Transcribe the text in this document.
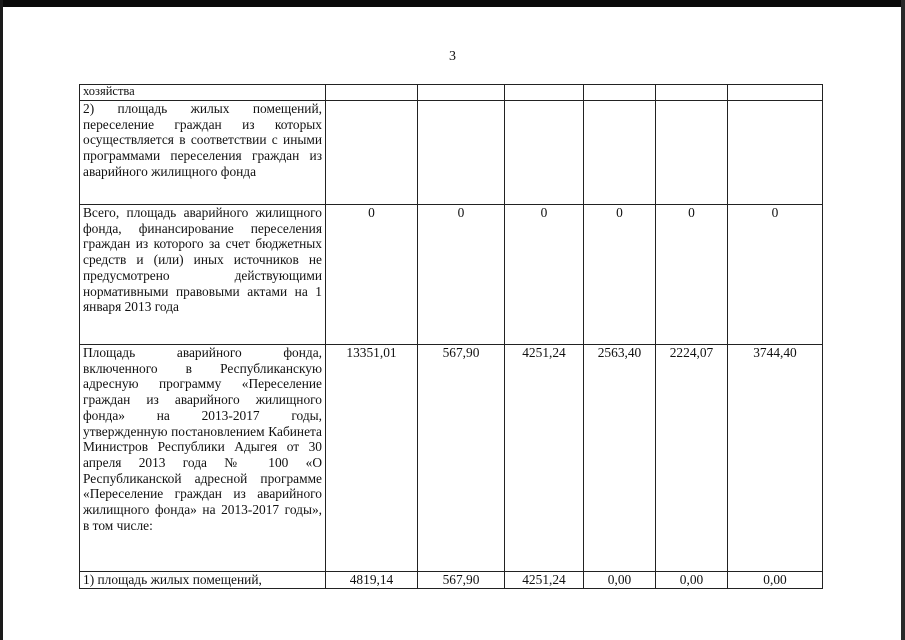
3
хозяйства						
2) площадь жилых помещений, переселение граждан из которых осуществляется в соответствии с иными программами переселения граждан из аварийного жилищного фонда						
Всего, площадь аварийного жилищного фонда, финансирование переселения граждан из которого за счет бюджетных средств и (или) иных источников не предусмотрено действующими нормативными правовыми актами на 1 января 2013 года	0	0	0	0	0	0
Площадь аварийного фонда, включенного в Республиканскую адресную программу «Переселение граждан из аварийного жилищного фонда» на 2013-2017 годы, утвержденную постановлением Кабинета Министров Республики Адыгея от 30 апреля 2013 года № 100 «О Республиканской адресной программе «Переселение граждан из аварийного жилищного фонда» на 2013-2017 годы», в том числе:	13351,01	567,90	4251,24	2563,40	2224,07	3744,40
1) площадь жилых помещений,	4819,14	567,90	4251,24	0,00	0,00	0,00
